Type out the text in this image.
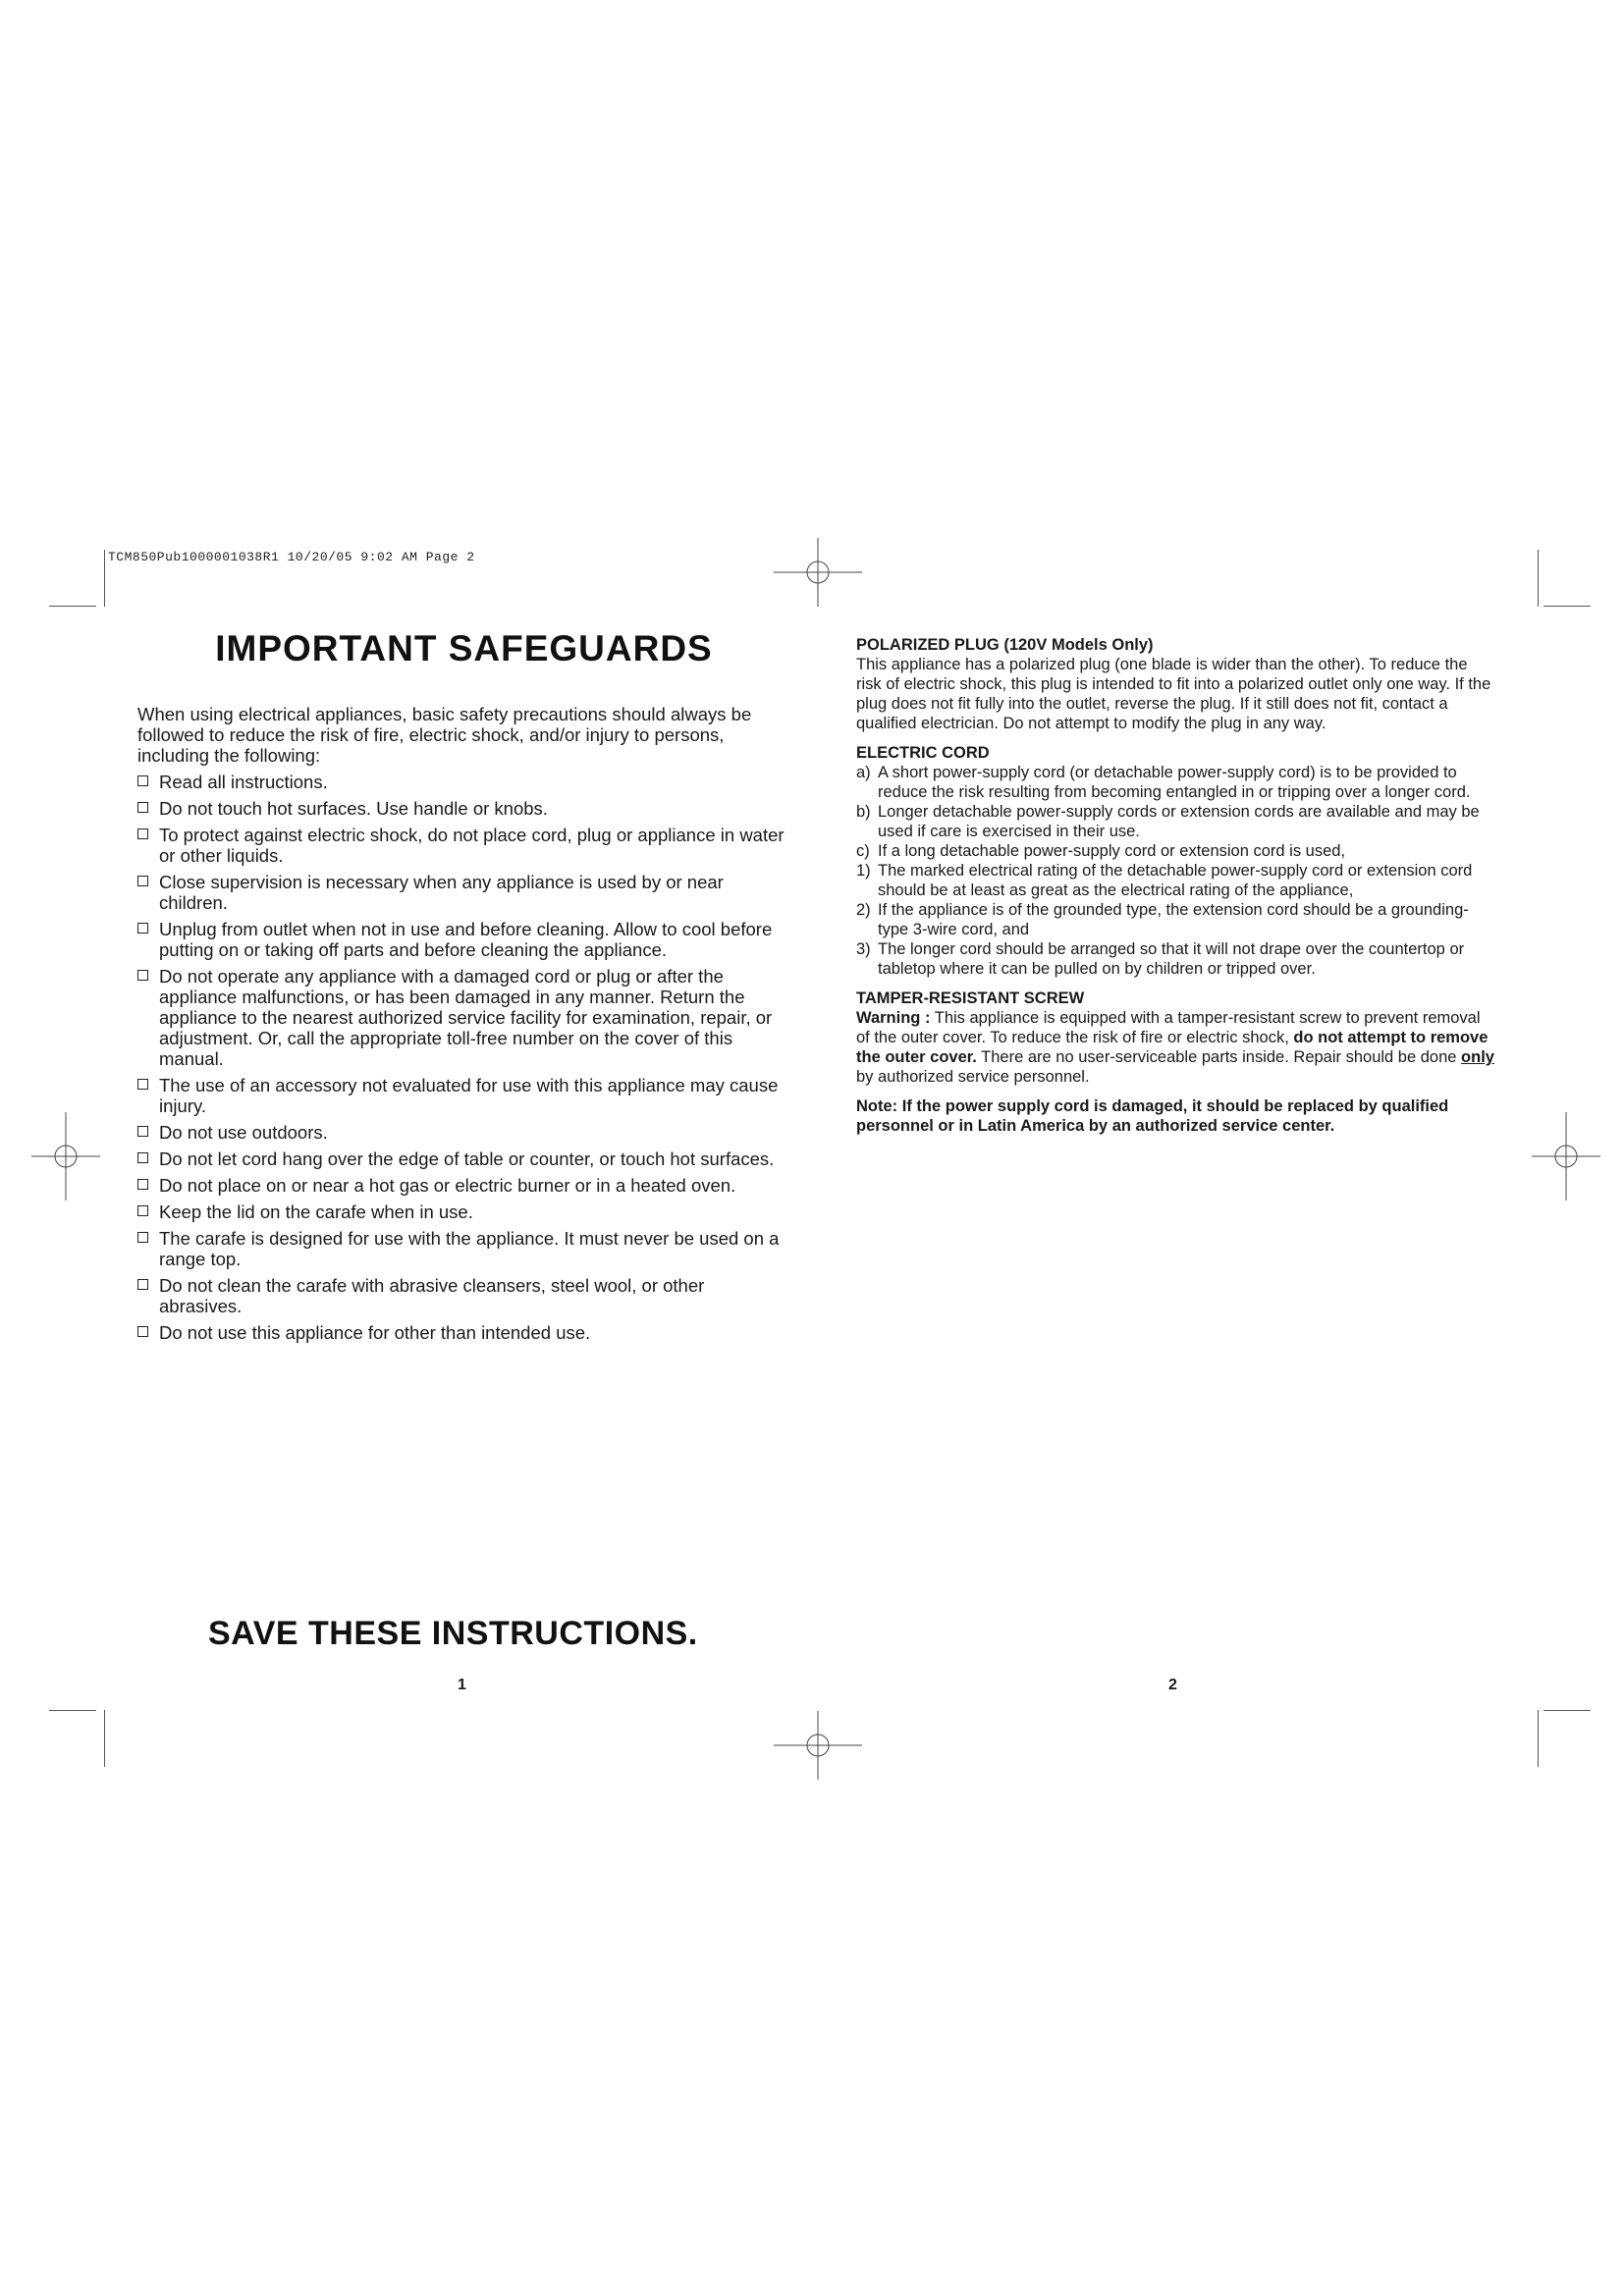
TCM850Pub1000001038R1 10/20/05 9:02 AM Page 2
IMPORTANT SAFEGUARDS

When using electrical appliances, basic safety precautions should always be followed to reduce the risk of fire, electric shock, and/or injury to persons, including the following:

Read all instructions.
Do not touch hot surfaces. Use handle or knobs.
To protect against electric shock, do not place cord, plug or appliance in water or other liquids.
Close supervision is necessary when any appliance is used by or near children.
Unplug from outlet when not in use and before cleaning. Allow to cool before putting on or taking off parts and before cleaning the appliance.
Do not operate any appliance with a damaged cord or plug or after the appliance malfunctions, or has been damaged in any manner. Return the appliance to the nearest authorized service facility for examination, repair, or adjustment. Or, call the appropriate toll-free number on the cover of this manual.
The use of an accessory not evaluated for use with this appliance may cause injury.
Do not use outdoors.
Do not let cord hang over the edge of table or counter, or touch hot surfaces.
Do not place on or near a hot gas or electric burner or in a heated oven.
Keep the lid on the carafe when in use.
The carafe is designed for use with the appliance. It must never be used on a range top.
Do not clean the carafe with abrasive cleansers, steel wool, or other abrasives.
Do not use this appliance for other than intended use.
SAVE THESE INSTRUCTIONS.
1
POLARIZED PLUG (120V Models Only)

This appliance has a polarized plug (one blade is wider than the other). To reduce the risk of electric shock, this plug is intended to fit into a polarized outlet only one way. If the plug does not fit fully into the outlet, reverse the plug. If it still does not fit, contact a qualified electrician. Do not attempt to modify the plug in any way.

ELECTRIC CORD
a) A short power-supply cord (or detachable power-supply cord) is to be provided to reduce the risk resulting from becoming entangled in or tripping over a longer cord.
b) Longer detachable power-supply cords or extension cords are available and may be used if care is exercised in their use.
c) If a long detachable power-supply cord or extension cord is used,
1) The marked electrical rating of the detachable power-supply cord or extension cord should be at least as great as the electrical rating of the appliance,
2) If the appliance is of the grounded type, the extension cord should be a grounding-type 3-wire cord, and
3) The longer cord should be arranged so that it will not drape over the countertop or tabletop where it can be pulled on by children or tripped over.
TAMPER-RESISTANT SCREW

Warning : This appliance is equipped with a tamper-resistant screw to prevent removal of the outer cover. To reduce the risk of fire or electric shock, do not attempt to remove the outer cover. There are no user-serviceable parts inside. Repair should be done only by authorized service personnel.

Note: If the power supply cord is damaged, it should be replaced by qualified personnel or in Latin America by an authorized service center.

2
